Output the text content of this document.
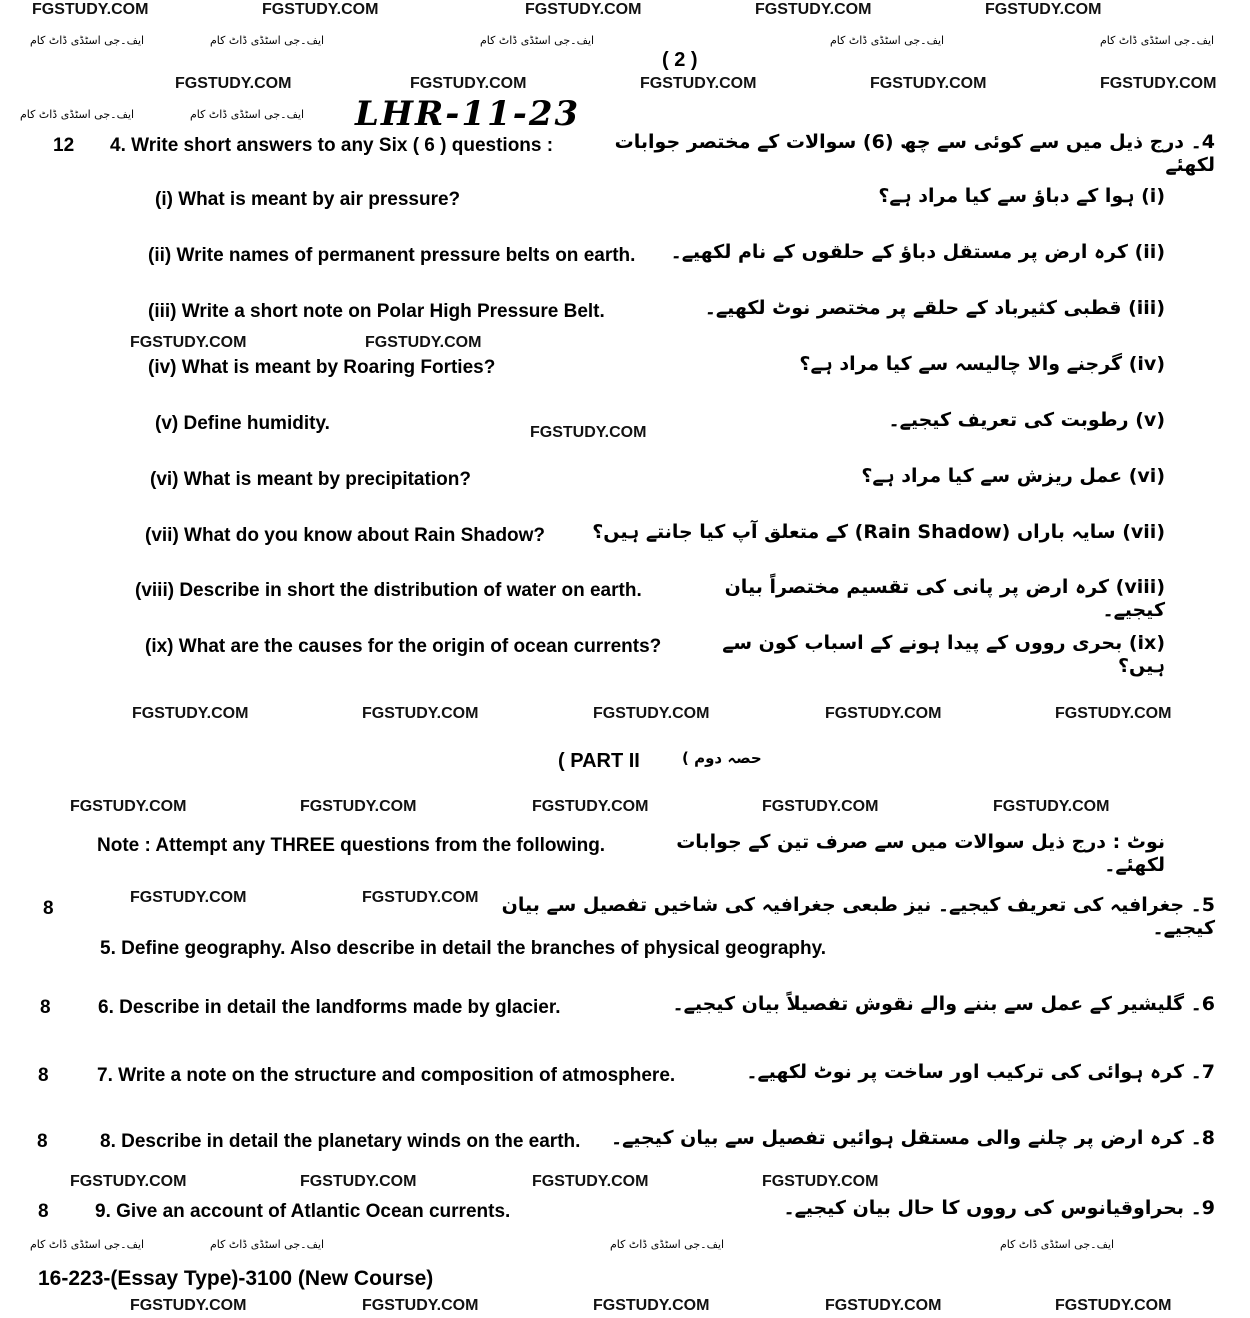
FGSTUDY.COM	FGSTUDY.COM	FGSTUDY.COM	FGSTUDY.COM	FGSTUDY.COM
ایف۔جی اسٹڈی ڈاٹ کام	ایف۔جی اسٹڈی ڈاٹ کام	ایف۔جی اسٹڈی ڈاٹ کام	ایف۔جی اسٹڈی ڈاٹ کام	ایف۔جی اسٹڈی ڈاٹ کام
( 2 )
FGSTUDY.COM	FGSTUDY.COM	FGSTUDY.COM	FGSTUDY.COM	FGSTUDY.COM
ایف۔جی اسٹڈی ڈاٹ کام	ایف۔جی اسٹڈی ڈاٹ کام LHR-11-23
12 4. Write short answers to any Six ( 6 ) questions :	4۔ درج ذیل میں سے کوئی سے چھ (6) سوالات کے مختصر جوابات لکھئے
(i) What is meant by air pressure?	(i) ہوا کے دباؤ سے کیا مراد ہے؟
(ii) Write names of permanent pressure belts on earth. (ii) کرہ ارض پر مستقل دباؤ کے حلقوں کے نام لکھیے۔
(iii) Write a short note on Polar High Pressure Belt.	(iii) قطبی کثیرباد کے حلقے پر مختصر نوٹ لکھیے۔
FGSTUDY.COM	FGSTUDY.COM
(iv) What is meant by Roaring Forties?	(iv) گرجنے والا چالیسہ سے کیا مراد ہے؟
(v) Define humidity.	(v) رطوبت کی تعریف کیجیے۔
FGSTUDY.COM
(vi) What is meant by precipitation?	(vi) عمل ریزش سے کیا مراد ہے؟
(vii) What do you know about Rain Shadow? (vii) سایہ باراں (Rain Shadow) کے متعلق آپ کیا جانتے ہیں؟
(viii) Describe in short the distribution of water on earth.	(viii) کرہ ارض پر پانی کی تقسیم مختصراً بیان کیجیے۔
(ix) What are the causes for the origin of ocean currents?	(ix) بحری رووں کے پیدا ہونے کے اسباب کون سے ہیں؟
FGSTUDY.COM	FGSTUDY.COM	FGSTUDY.COM	FGSTUDY.COM	FGSTUDY.COM
( PART II	حصہ دوم )
FGSTUDY.COM	FGSTUDY.COM	FGSTUDY.COM	FGSTUDY.COM	FGSTUDY.COM
Note : Attempt any THREE questions from the following.	نوٹ : درج ذیل سوالات میں سے صرف تین کے جوابات لکھئے۔
FGSTUDY.COM	FGSTUDY.COM
8	5۔ جغرافیہ کی تعریف کیجیے۔ نیز طبعی جغرافیہ کی شاخیں تفصیل سے بیان کیجیے۔
5. Define geography. Also describe in detail the branches of physical geography.
8 6. Describe in detail the landforms made by glacier.	6۔ گلیشیر کے عمل سے بننے والے نقوش تفصیلاً بیان کیجیے۔
8	7. Write a note on the structure and composition of atmosphere.	7۔ کرہ ہوائی کی ترکیب اور ساخت پر نوٹ لکھیے۔
8	8. Describe in detail the planetary winds on the earth. 8۔ کرہ ارض پر چلنے والی مستقل ہوائیں تفصیل سے بیان کیجیے۔
FGSTUDY.COM	FGSTUDY.COM	FGSTUDY.COM	FGSTUDY.COM
8 9. Give an account of Atlantic Ocean currents.	9۔ بحراوقیانوس کی رووں کا حال بیان کیجیے۔
ایف۔جی اسٹڈی ڈاٹ کام	ایف۔جی اسٹڈی ڈاٹ کام	ایف۔جی اسٹڈی ڈاٹ کام	ایف۔جی اسٹڈی ڈاٹ کام
16-223-(Essay Type)-3100 (New Course)
FGSTUDY.COM	FGSTUDY.COM	FGSTUDY.COM	FGSTUDY.COM	FGSTUDY.COM
